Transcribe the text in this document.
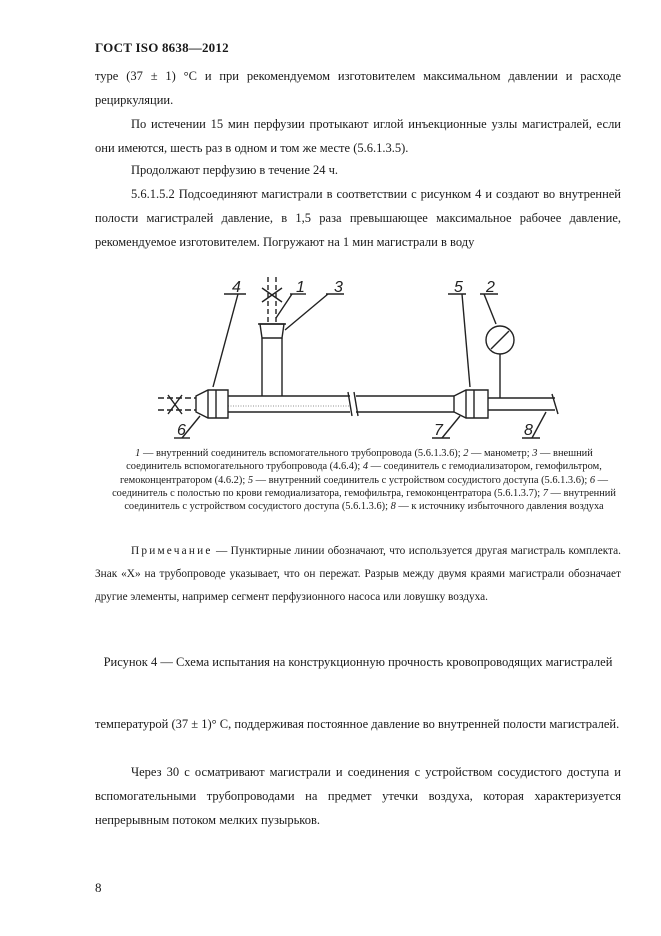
ГОСТ ISO 8638—2012
туре (37 ± 1) °С и при рекомендуемом изготовителем максимальном давлении и расходе рециркуляции.
По истечении 15 мин перфузии протыкают иглой инъекционные узлы магистралей, если они имеются, шесть раз в одном и том же месте (5.6.1.3.5).
Продолжают перфузию в течение 24 ч.
5.6.1.5.2 Подсоединяют магистрали в соответствии с рисунком 4 и создают во внутренней полости магистралей давление, в 1,5 раза превышающее максимальное рабочее давление, рекомендуемое изготовителем. Погружают на 1 мин магистрали в воду
4	1 3	5 2
6	7	8
1 — внутренний соединитель вспомогательного трубопровода (5.6.1.3.6); 2 — манометр; 3 — внешний соединитель вспомогательного трубопровода (4.6.4); 4 — соединитель с гемодиализатором, гемофильтром, гемоконцентратором (4.6.2); 5 — внутренний соединитель с устройством сосудистого доступа (5.6.1.3.6); 6 — соединитель с полостью по крови гемодиализатора, гемофильтра, гемоконцентратора (5.6.1.3.7); 7 — внутренний соединитель с устройством сосудистого доступа (5.6.1.3.6); 8 — к источнику избыточного давления воздуха
Примечание — Пунктирные линии обозначают, что используется другая магистраль комплекта. Знак «Х» на трубопроводе указывает, что он пережат. Разрыв между двумя краями магистрали обозначает другие элементы, например сегмент перфузионного насоса или ловушку воздуха.
Рисунок 4 — Схема испытания на конструкционную прочность кровопроводящих магистралей
температурой (37 ± 1)° С, поддерживая постоянное давление во внутренней полости магистралей.
Через 30 с осматривают магистрали и соединения с устройством сосудистого доступа и вспомогательными трубопроводами на предмет утечки воздуха, которая характеризуется непрерывным потоком мелких пузырьков.
8
